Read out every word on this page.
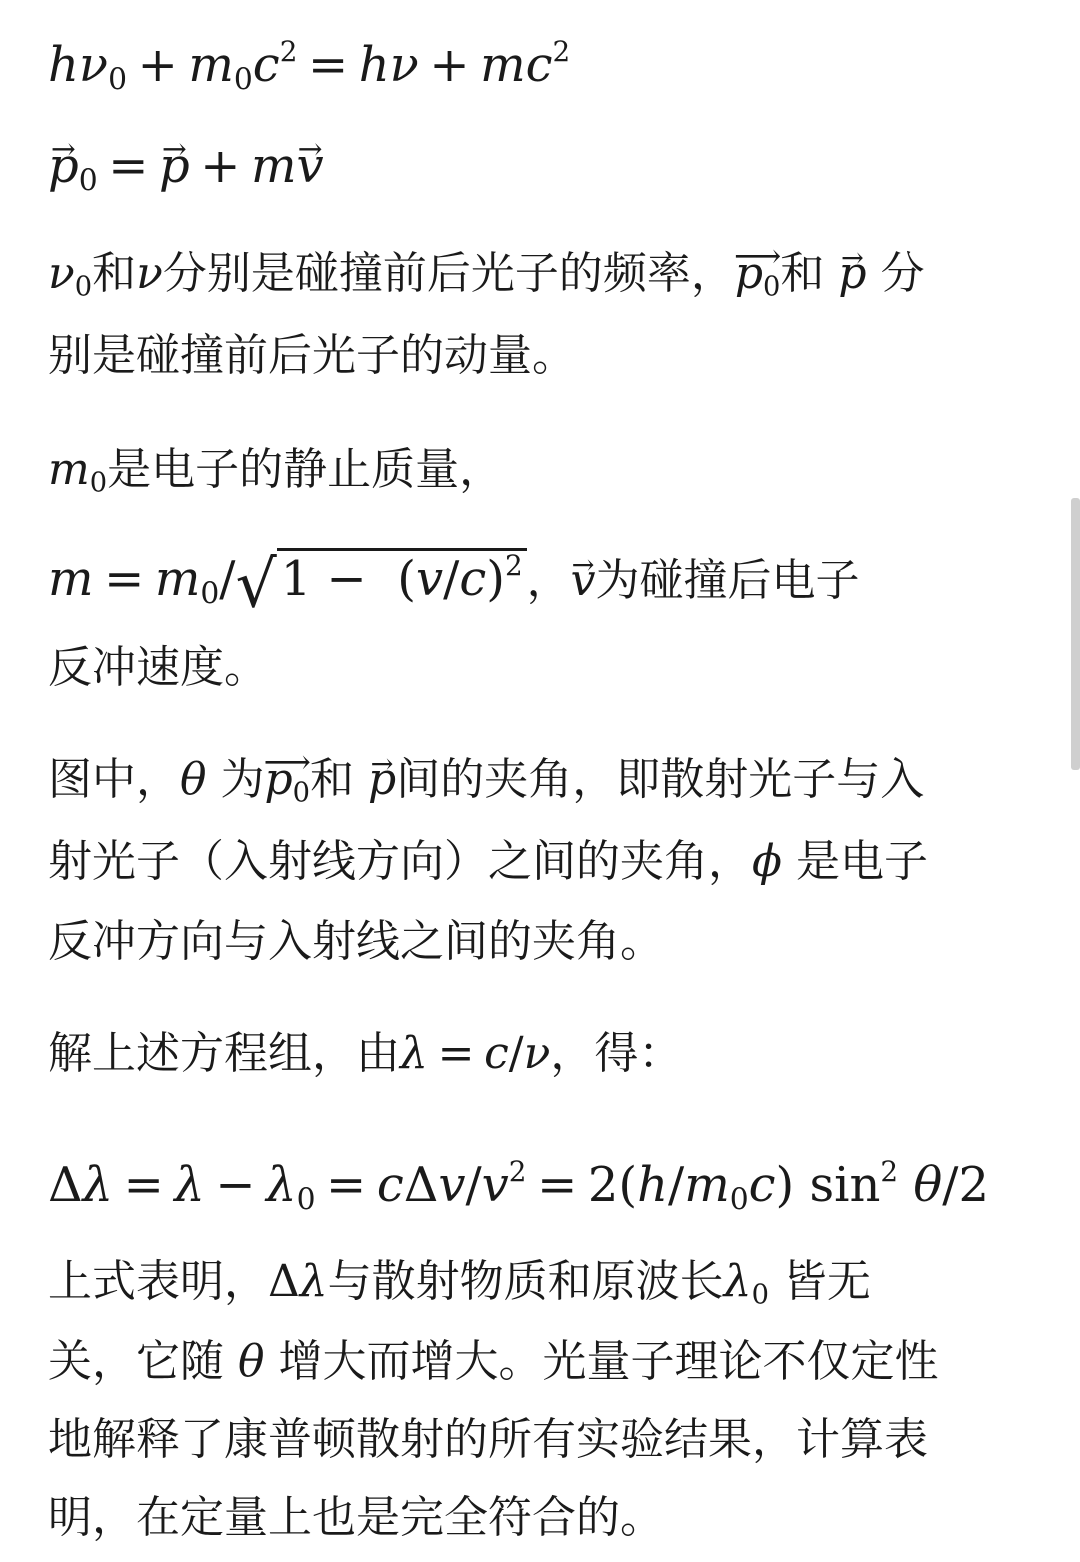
$h\nu_0 + m_0c^2 = h\nu + mc^2$
→ $p_0 =\to p + m\to v$
$\nu_0$和ν分别是碰撞前后光子的频率，⟶ $p_0$和 → p 分
别是碰撞前后光子的动量。
$m_0$是电子的静止质量，
$m = m_0/√1 - (v/c)^2$，→ v为碰撞后电子
反冲速度。
图中，θ 为⟶ $p_0$和 → p间的夹角，即散射光子与入
射光子（入射线方向）之间的夹角，ϕ 是电子
反冲方向与入射线之间的夹角。
解上述方程组，由λ = c/ν，得：
$\Delta\lambda = \lambda - \lambda_0 = c\Delta v/v^2 = 2(h/m_0c)$ $\sin^2 \theta/2$
上式表明，Δλ与散射物质和原波长$\lambda_0$ 皆无
关，它随 θ 增大而增大。光量子理论不仅定性
地解释了康普顿散射的所有实验结果，计算表
明，在定量上也是完全符合的。
